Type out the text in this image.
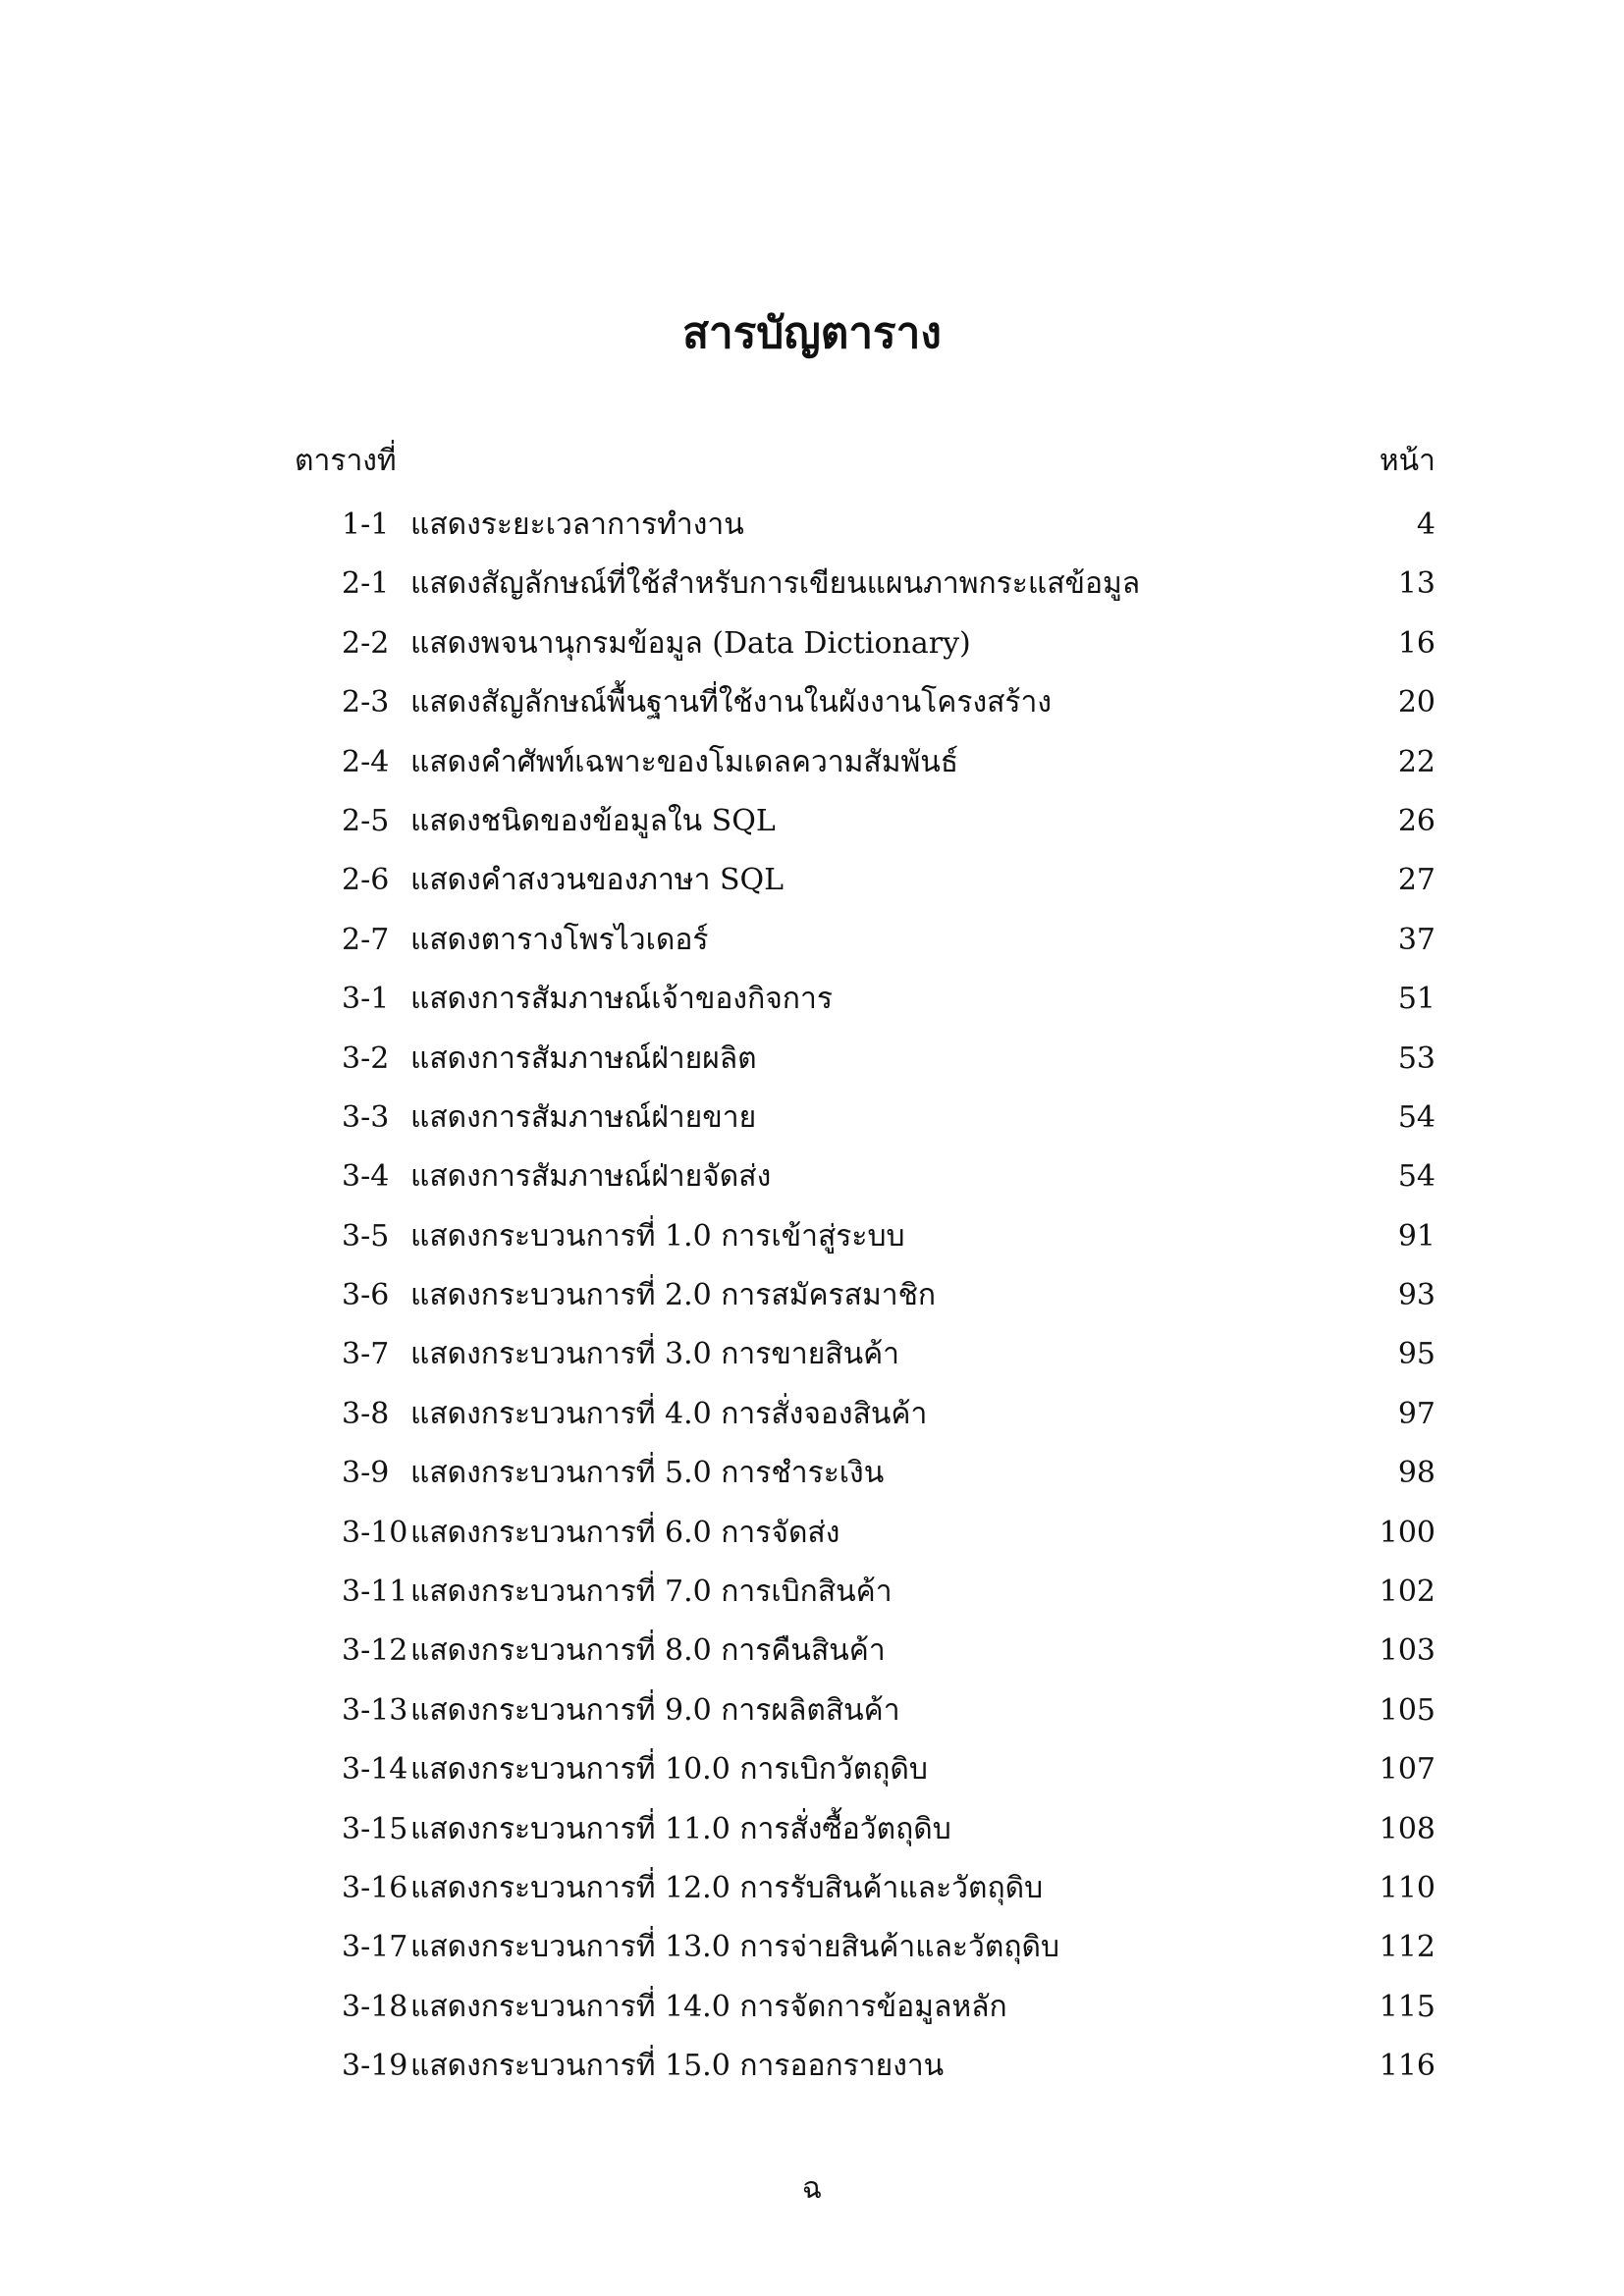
สารบัญตาราง
ตารางที่	หน้า
1-1 แสดงระยะเวลาการทำงาน	4
2-1 แสดงสัญลักษณ์ที่ใช้สำหรับการเขียนแผนภาพกระแสข้อมูล	13
2-2 แสดงพจนานุกรมข้อมูล (Data Dictionary)	16
2-3 แสดงสัญลักษณ์พื้นฐานที่ใช้งานในผังงานโครงสร้าง	20
2-4 แสดงคำศัพท์เฉพาะของโมเดลความสัมพันธ์	22
2-5 แสดงชนิดของข้อมูลใน SQL	26
2-6 แสดงคำสงวนของภาษา SQL	27
2-7 แสดงตารางโพรไวเดอร์	37
3-1 แสดงการสัมภาษณ์เจ้าของกิจการ	51
3-2 แสดงการสัมภาษณ์ฝ่ายผลิต	53
3-3 แสดงการสัมภาษณ์ฝ่ายขาย	54
3-4 แสดงการสัมภาษณ์ฝ่ายจัดส่ง	54
3-5 แสดงกระบวนการที่ 1.0 การเข้าสู่ระบบ	91
3-6 แสดงกระบวนการที่ 2.0 การสมัครสมาชิก	93
3-7 แสดงกระบวนการที่ 3.0 การขายสินค้า	95
3-8 แสดงกระบวนการที่ 4.0 การสั่งจองสินค้า	97
3-9 แสดงกระบวนการที่ 5.0 การชำระเงิน	98
3-10 แสดงกระบวนการที่ 6.0 การจัดส่ง	100
3-11 แสดงกระบวนการที่ 7.0 การเบิกสินค้า	102
3-12 แสดงกระบวนการที่ 8.0 การคืนสินค้า	103
3-13 แสดงกระบวนการที่ 9.0 การผลิตสินค้า	105
3-14 แสดงกระบวนการที่ 10.0 การเบิกวัตถุดิบ	107
3-15 แสดงกระบวนการที่ 11.0 การสั่งซื้อวัตถุดิบ	108
3-16 แสดงกระบวนการที่ 12.0 การรับสินค้าและวัตถุดิบ	110
3-17 แสดงกระบวนการที่ 13.0 การจ่ายสินค้าและวัตถุดิบ	112
3-18 แสดงกระบวนการที่ 14.0 การจัดการข้อมูลหลัก	115
3-19 แสดงกระบวนการที่ 15.0 การออกรายงาน	116
ฉ
